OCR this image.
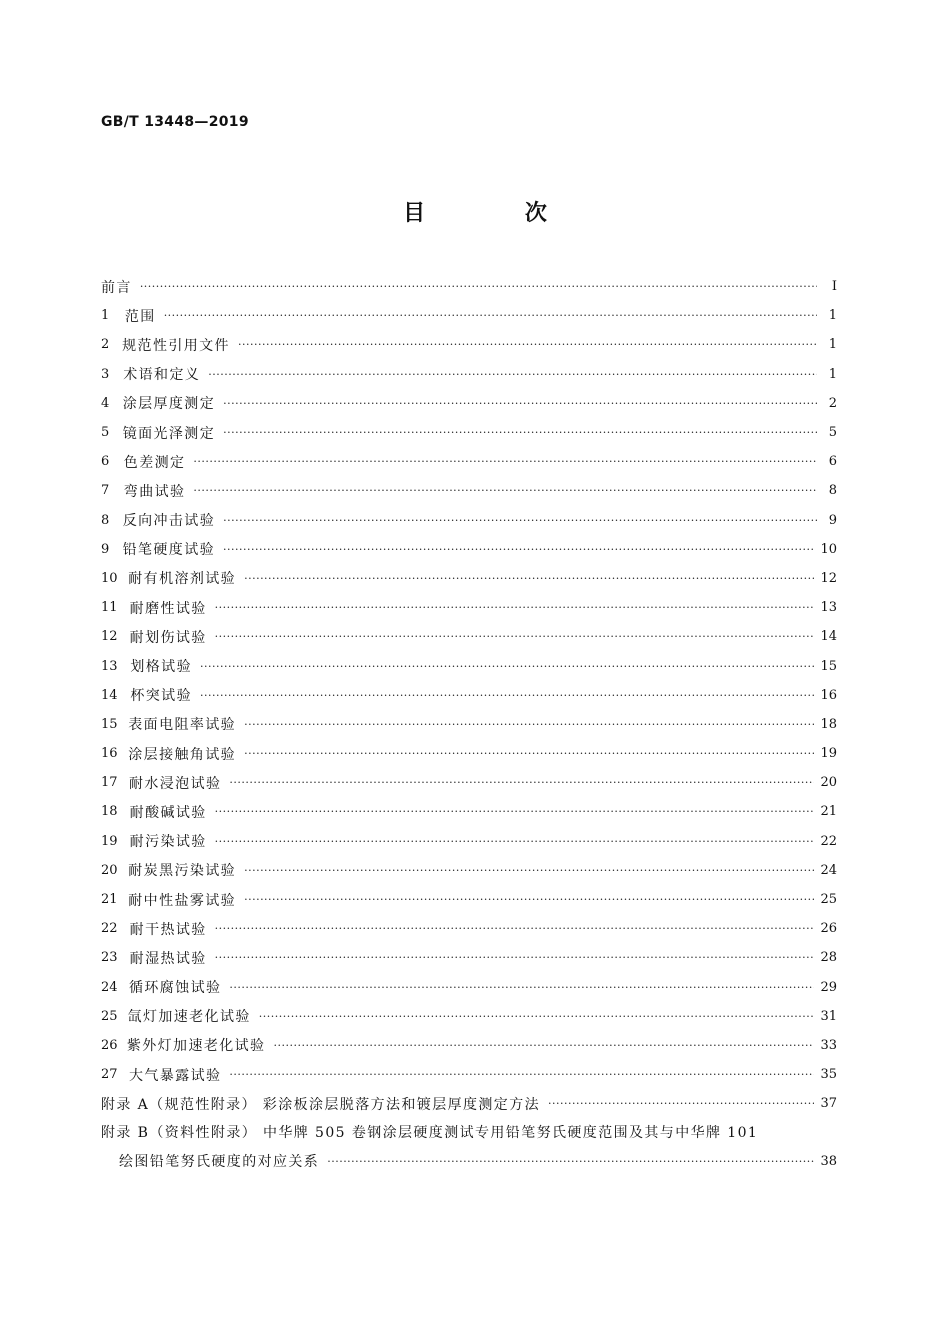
GB/T 13448—2019
目 次
前言 ·····	Ⅰ
1	范围 ·····	1
2 规范性引用文件 ·····	1
3 术语和定义 ·····	1
4 涂层厚度测定 ·····	2
5 镜面光泽测定 ·····	5
6	色差测定 ·····	6
7	弯曲试验 ·····	8
8 反向冲击试验 ·····	9
9 铅笔硬度试验 ·····	10
10 耐有机溶剂试验 ·····	12
11 耐磨性试验 ·····	13
12 耐划伤试验 ·····	14
13 划格试验 ·····	15
14 杯突试验 ·····	16
15 表面电阻率试验 ·····	18
16 涂层接触角试验 ·····	19
17 耐水浸泡试验 ·····	20
18 耐酸碱试验 ·····	21
19 耐污染试验 ·····	22
20 耐炭黑污染试验 ·····	24
21 耐中性盐雾试验 ·····	25
22 耐干热试验 ·····	26
23 耐湿热试验 ·····	28
24 循环腐蚀试验 ·····	29
25 氙灯加速老化试验 ·····	31
26 紫外灯加速老化试验 ·····	33
27 大气暴露试验 ·····	35
附录 A（规范性附录） 彩涂板涂层脱落方法和镀层厚度测定方法 ·····	37
附录 B（资料性附录） 中华牌 505 卷钢涂层硬度测试专用铅笔努氏硬度范围及其与中华牌 101
绘图铅笔努氏硬度的对应关系 ·····	38
